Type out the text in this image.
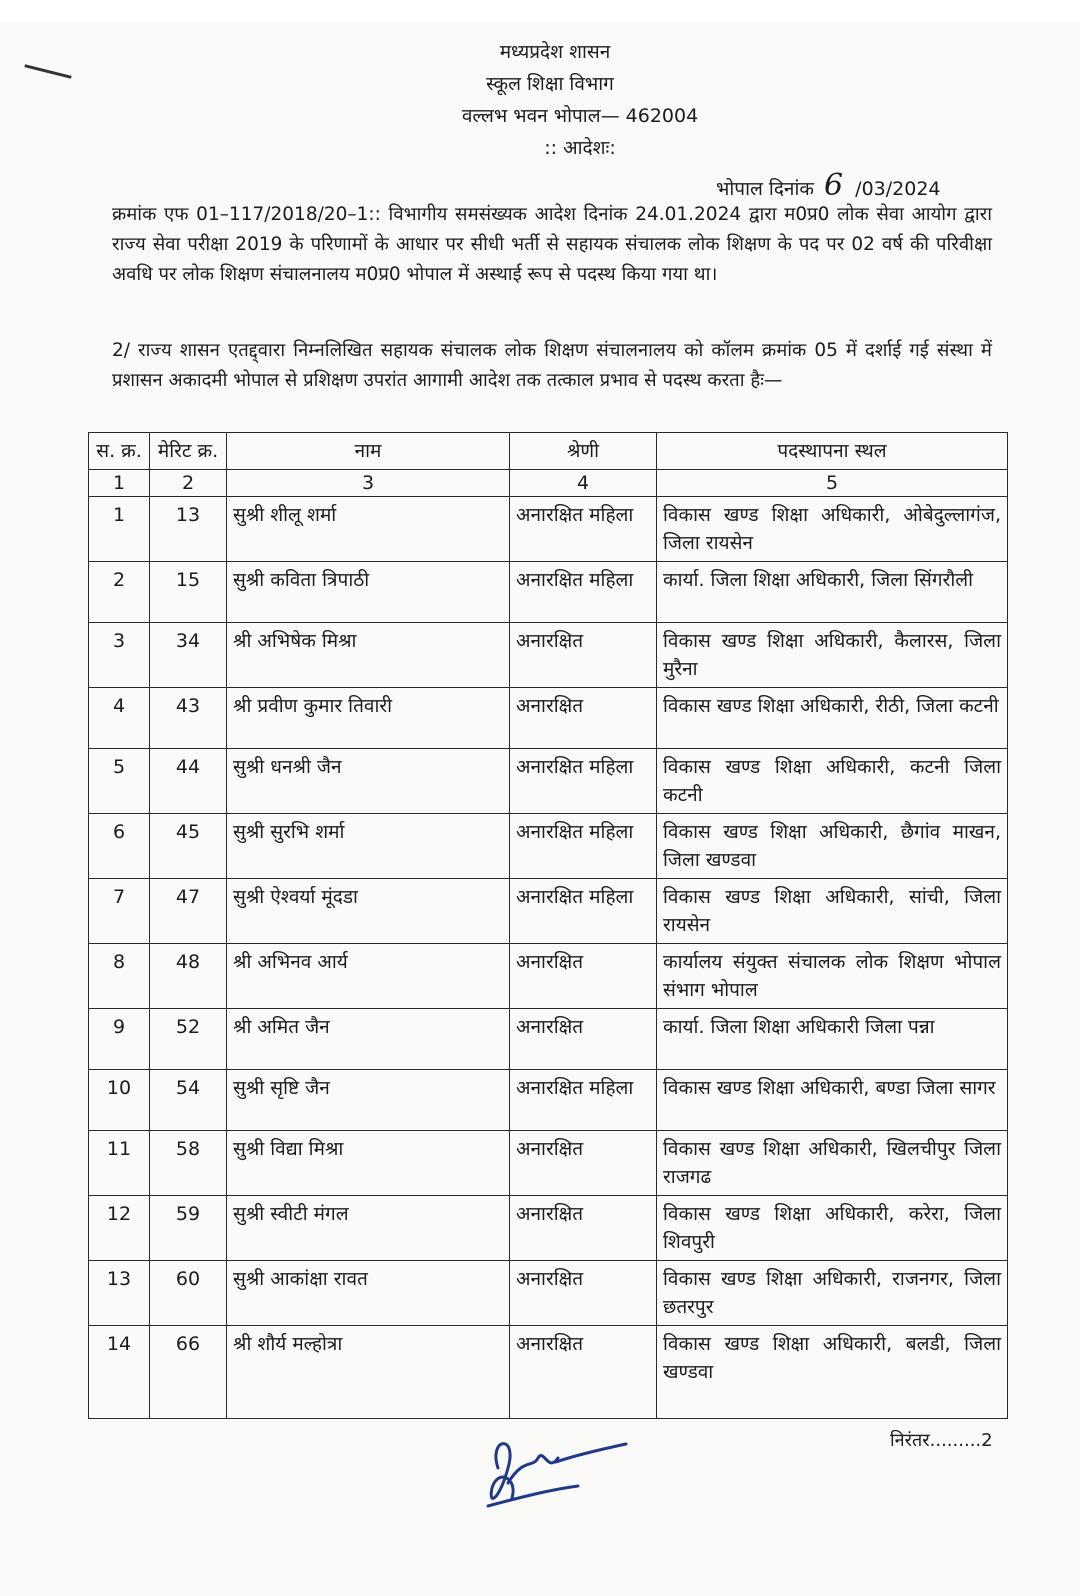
मध्यप्रदेश शासन
स्कूल शिक्षा विभाग
वल्लभ भवन भोपाल— 462004
:: आदेशः:
भोपाल दिनांक 6 /03/2024
क्रमांक एफ 01–117/2018/20–1:: विभागीय समसंख्यक आदेश दिनांक 24.01.2024 द्वारा म0प्र0 लोक सेवा आयोग द्वारा राज्य सेवा परीक्षा 2019 के परिणामों के आधार पर सीधी भर्ती से सहायक संचालक लोक शिक्षण के पद पर 02 वर्ष की परिवीक्षा अवधि पर लोक शिक्षण संचालनालय म0प्र0 भोपाल में अस्थाई रूप से पदस्थ किया गया था।
2/ राज्य शासन एतद्द्वारा निम्नलिखित सहायक संचालक लोक शिक्षण संचालनालय को कॉलम क्रमांक 05 में दर्शाई गई संस्था में प्रशासन अकादमी भोपाल से प्रशिक्षण उपरांत आगामी आदेश तक तत्काल प्रभाव से पदस्थ करता हैः—
स. क्र.	मेरिट क्र.	नाम	श्रेणी	पदस्थापना स्थल
1	2	3	4	5
1	13	सुश्री शीलू शर्मा	अनारक्षित महिला	विकास खण्ड शिक्षा अधिकारी, ओबेदुल्लागंज, जिला रायसेन
2	15	सुश्री कविता त्रिपाठी	अनारक्षित महिला	कार्या. जिला शिक्षा अधिकारी, जिला सिंगरौली
3	34	श्री अभिषेक मिश्रा	अनारक्षित	विकास खण्ड शिक्षा अधिकारी, कैलारस, जिला मुरैना
4	43	श्री प्रवीण कुमार तिवारी	अनारक्षित	विकास खण्ड शिक्षा अधिकारी, रीठी, जिला कटनी
5	44	सुश्री धनश्री जैन	अनारक्षित महिला	विकास खण्ड शिक्षा अधिकारी, कटनी जिला कटनी
6	45	सुश्री सुरभि शर्मा	अनारक्षित महिला	विकास खण्ड शिक्षा अधिकारी, छैगांव माखन, जिला खण्डवा
7	47	सुश्री ऐश्वर्या मूंदडा	अनारक्षित महिला	विकास खण्ड शिक्षा अधिकारी, सांची, जिला रायसेन
8	48	श्री अभिनव आर्य	अनारक्षित	कार्यालय संयुक्त संचालक लोक शिक्षण भोपाल संभाग भोपाल
9	52	श्री अमित जैन	अनारक्षित	कार्या. जिला शिक्षा अधिकारी जिला पन्ना
10	54	सुश्री सृष्टि जैन	अनारक्षित महिला	विकास खण्ड शिक्षा अधिकारी, बण्डा जिला सागर
11	58	सुश्री विद्या मिश्रा	अनारक्षित	विकास खण्ड शिक्षा अधिकारी, खिलचीपुर जिला राजगढ
12	59	सुश्री स्वीटी मंगल	अनारक्षित	विकास खण्ड शिक्षा अधिकारी, करेरा, जिला शिवपुरी
13	60	सुश्री आकांक्षा रावत	अनारक्षित	विकास खण्ड शिक्षा अधिकारी, राजनगर, जिला छतरपुर
14	66	श्री शौर्य मल्होत्रा	अनारक्षित	विकास खण्ड शिक्षा अधिकारी, बलडी, जिला खण्डवा
निरंतर.........2
